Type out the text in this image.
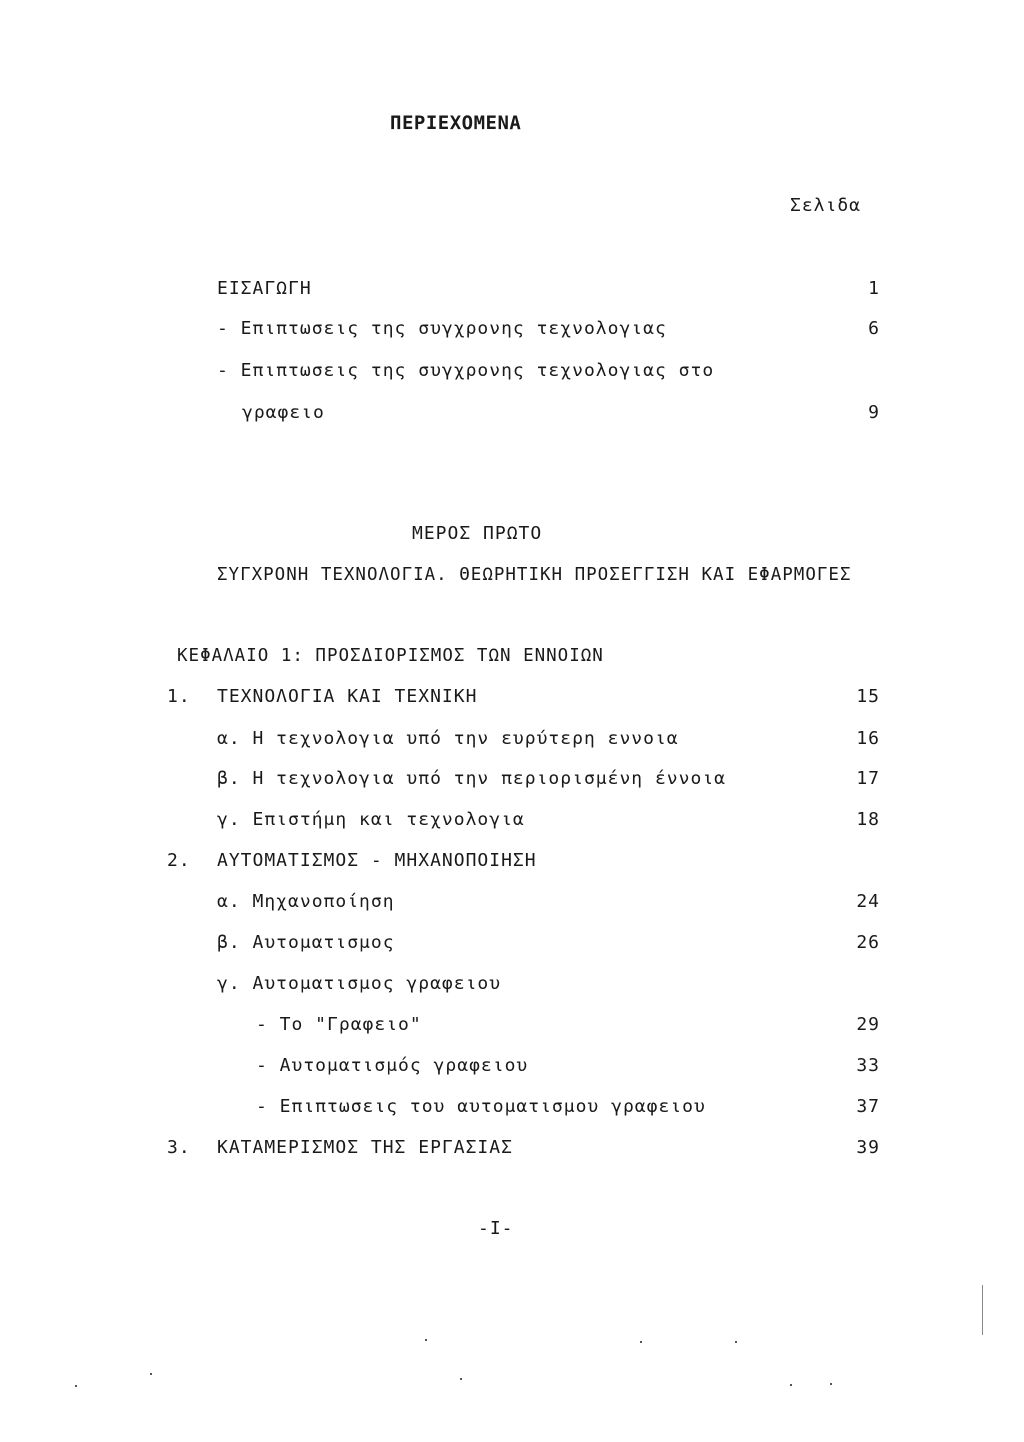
ΠΕΡΙΕΧΟΜΕΝΑ
Σελιδα
ΕΙΣΑΓΩΓΗ	1
- Επιπτωσεις της συγχρονης τεχνολογιας	6
- Επιπτωσεις της συγχρονης τεχνολογιας στο
γραφειο	9
ΜΕΡΟΣ ΠΡΩΤΟ
ΣΥΓΧΡΟΝΗ ΤΕΧΝΟΛΟΓΙΑ. ΘΕΩΡΗΤΙΚΗ ΠΡΟΣΕΓΓΙΣΗ ΚΑΙ ΕΦΑΡΜΟΓΕΣ
ΚΕΦΑΛΑΙΟ 1: ΠΡΟΣΔΙΟΡΙΣΜΟΣ ΤΩΝ ΕΝΝΟΙΩΝ
1. ΤΕΧΝΟΛΟΓΙΑ ΚΑΙ ΤΕΧΝΙΚΗ	15
α. Η τεχνολογια υπό την ευρύτερη εννοια	16
β. Η τεχνολογια υπό την περιορισμένη έννοια	17
γ. Επιστήμη και τεχνολογια	18
2. ΑΥΤΟΜΑΤΙΣΜΟΣ - ΜΗΧΑΝΟΠΟΙΗΣΗ
α. Μηχανοποίηση	24
β. Αυτοματισμος	26
γ. Αυτοματισμος γραφειου
- Το "Γραφειο"	29
- Αυτοματισμός γραφειου	33
- Επιπτωσεις του αυτοματισμου γραφειου	37
3. ΚΑΤΑΜΕΡΙΣΜΟΣ ΤΗΣ ΕΡΓΑΣΙΑΣ	39
-I-
